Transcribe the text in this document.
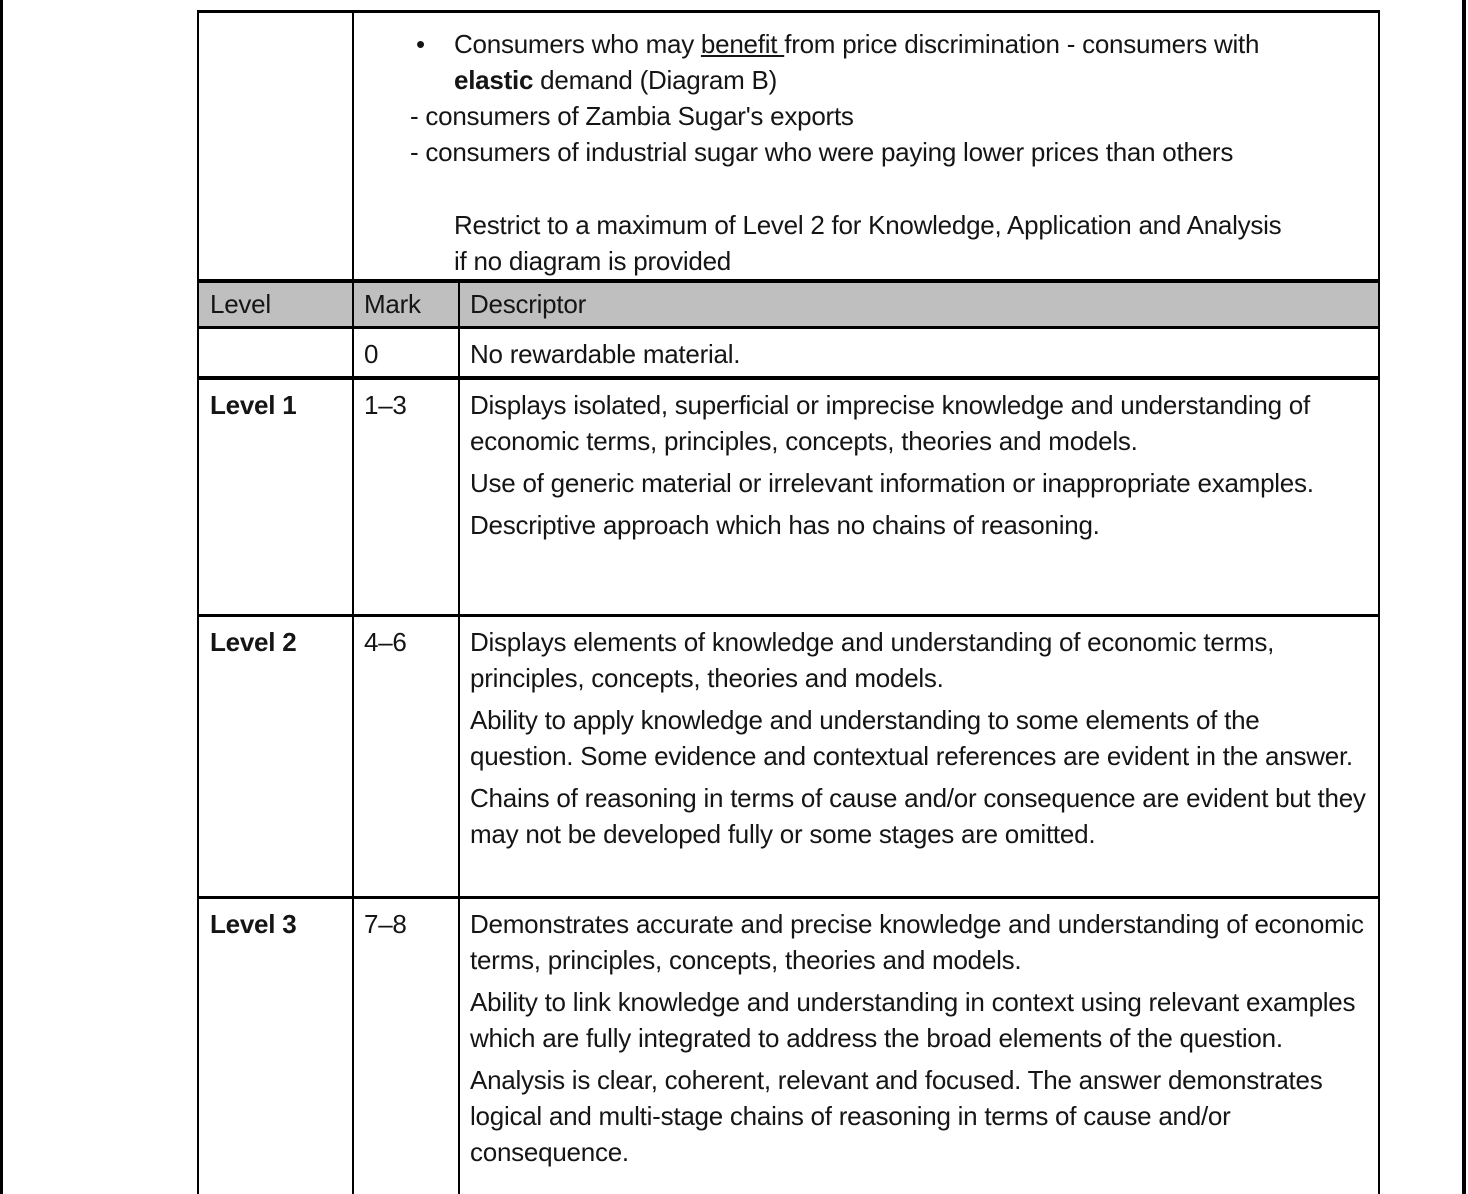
	• Consumers who may benefit from price discrimination - consumers with elastic demand (Diagram B)
- consumers of Zambia Sugar's exports
- consumers of industrial sugar who were paying lower prices than others
Restrict to a maximum of Level 2 for Knowledge, Application and Analysis if no diagram is provided	

Level	Mark	Descriptor
	0	No rewardable material.

Level 1	1–3	Displays isolated, superficial or imprecise knowledge and understanding of economic terms, principles, concepts, theories and models.

Use of generic material or irrelevant information or inappropriate examples.

Descriptive approach which has no chains of reasoning.

Level 2	4–6	Displays elements of knowledge and understanding of economic terms, principles, concepts, theories and models.

Ability to apply knowledge and understanding to some elements of the question. Some evidence and contextual references are evident in the answer.

Chains of reasoning in terms of cause and/or consequence are evident but they may not be developed fully or some stages are omitted.

Level 3	7–8	Demonstrates accurate and precise knowledge and understanding of economic terms, principles, concepts, theories and models.

Ability to link knowledge and understanding in context using relevant examples which are fully integrated to address the broad elements of the question.

Analysis is clear, coherent, relevant and focused. The answer demonstrates logical and multi-stage chains of reasoning in terms of cause and/or consequence.
